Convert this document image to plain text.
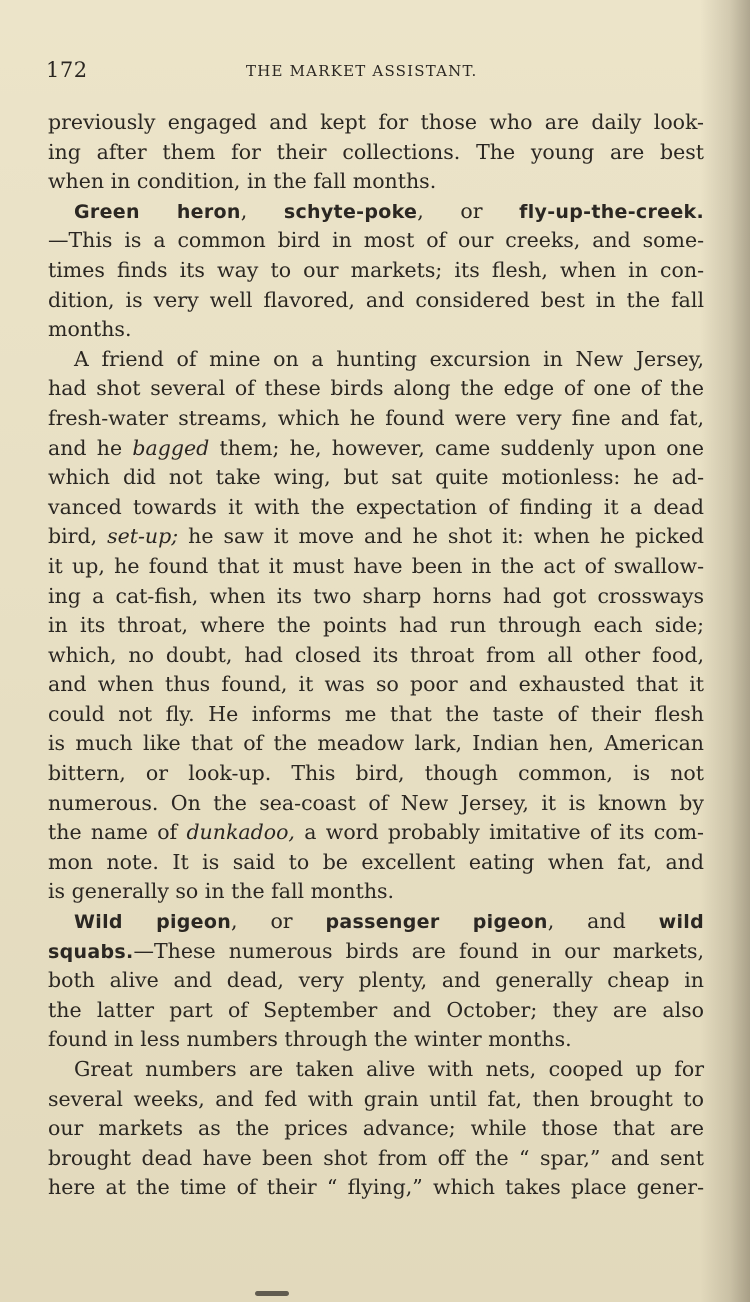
172	THE MARKET ASSISTANT.
previously engaged and kept for those who are daily look-
ing after them for their collections. The young are best
when in condition, in the fall months.
Green heron, schyte-poke, or fly-up-the-creek.
—This is a common bird in most of our creeks, and some-
times finds its way to our markets; its flesh, when in con-
dition, is very well flavored, and considered best in the fall
months.
A friend of mine on a hunting excursion in New Jersey,
had shot several of these birds along the edge of one of the
fresh-water streams, which he found were very fine and fat,
and he bagged them; he, however, came suddenly upon one
which did not take wing, but sat quite motionless: he ad-
vanced towards it with the expectation of finding it a dead
bird, set-up; he saw it move and he shot it: when he picked
it up, he found that it must have been in the act of swallow-
ing a cat-fish, when its two sharp horns had got crossways
in its throat, where the points had run through each side;
which, no doubt, had closed its throat from all other food,
and when thus found, it was so poor and exhausted that it
could not fly. He informs me that the taste of their flesh
is much like that of the meadow lark, Indian hen, American
bittern, or look-up. This bird, though common, is not
numerous. On the sea-coast of New Jersey, it is known by
the name of dunkadoo, a word probably imitative of its com-
mon note. It is said to be excellent eating when fat, and
is generally so in the fall months.
Wild pigeon, or passenger pigeon, and wild
squabs.—These numerous birds are found in our markets,
both alive and dead, very plenty, and generally cheap in
the latter part of September and October; they are also
found in less numbers through the winter months.
Great numbers are taken alive with nets, cooped up for
several weeks, and fed with grain until fat, then brought to
our markets as the prices advance; while those that are
brought dead have been shot from off the “ spar,” and sent
here at the time of their “ flying,” which takes place gener-
